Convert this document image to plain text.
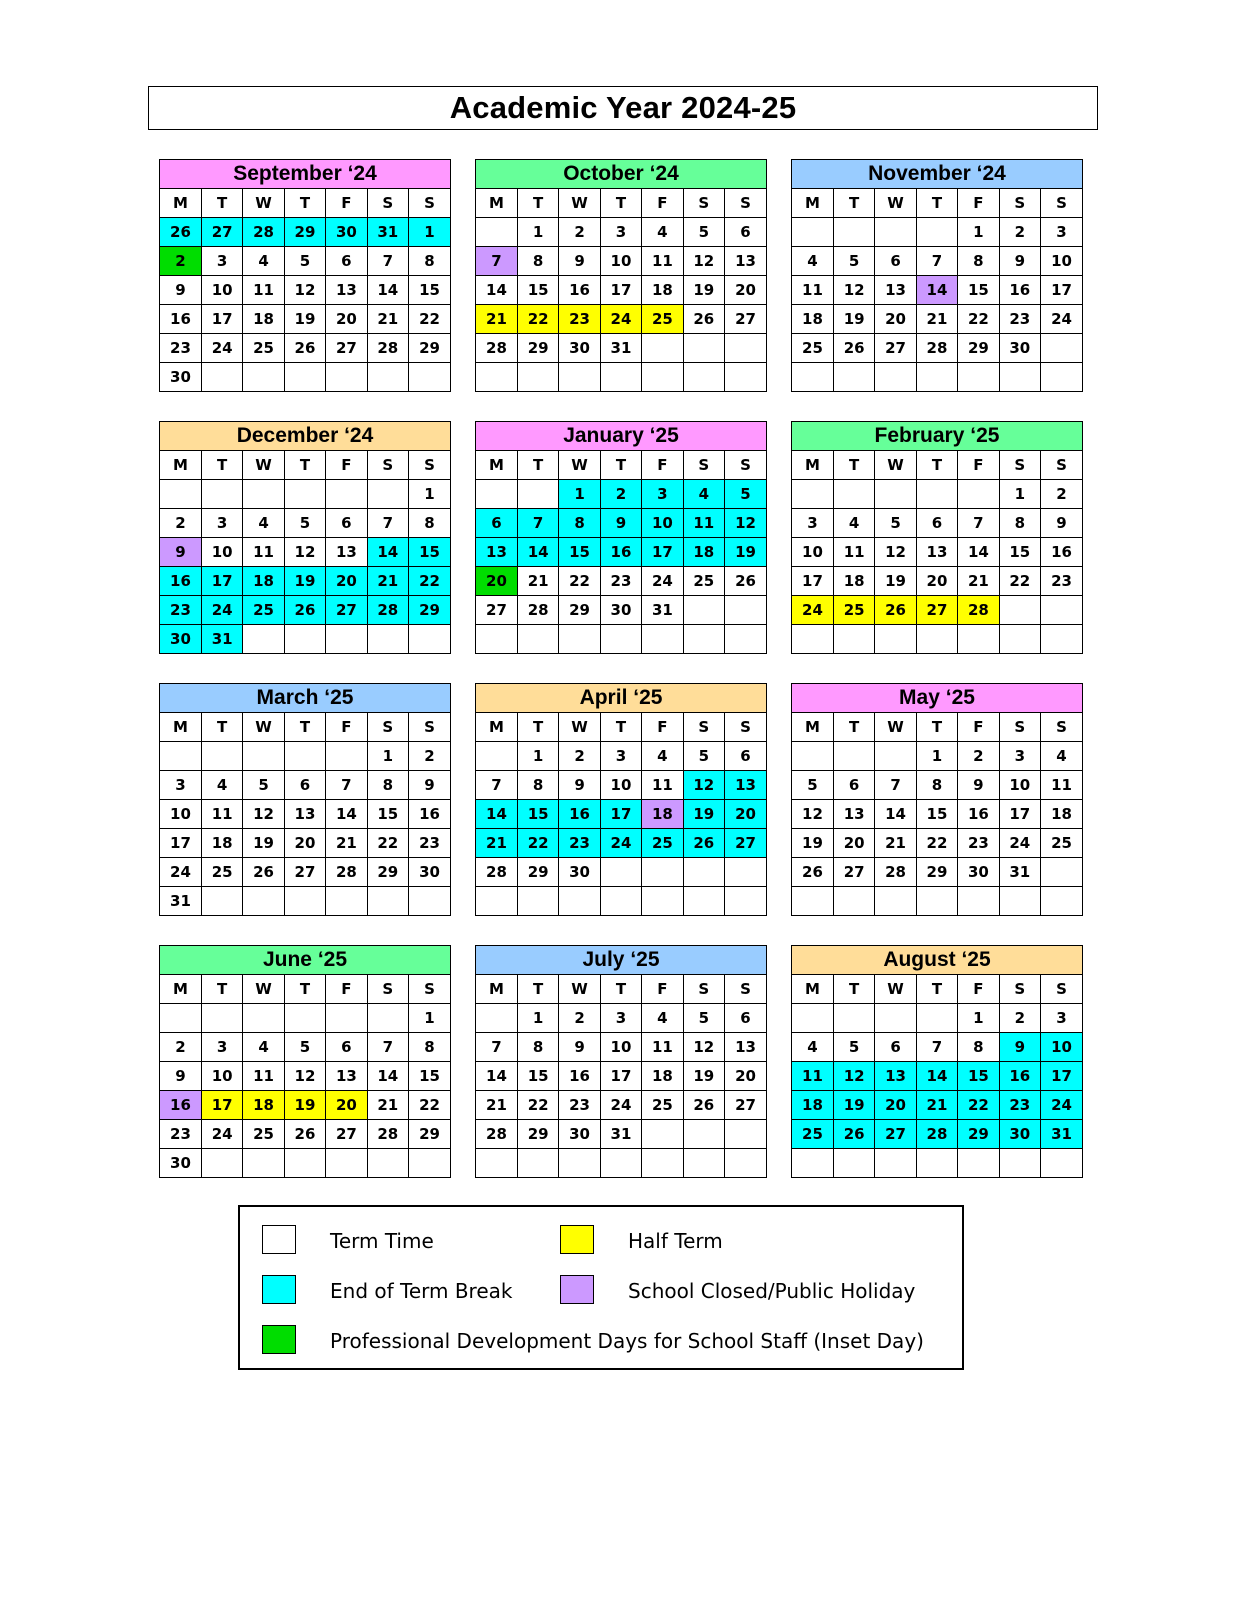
Academic Year 2024-25
September ‘24
M	T	W	T	F	S	S
26	27	28	29	30	31	1
2	3	4	5	6	7	8
9	10	11	12	13	14	15
16	17	18	19	20	21	22
23	24	25	26	27	28	29
30						
October ‘24
M	T	W	T	F	S	S
	1	2	3	4	5	6
7	8	9	10	11	12	13
14	15	16	17	18	19	20
21	22	23	24	25	26	27
28	29	30	31			

November ‘24
M	T	W	T	F	S	S
				1	2	3
4	5	6	7	8	9	10
11	12	13	14	15	16	17
18	19	20	21	22	23	24
25	26	27	28	29	30	

December ‘24
M	T	W	T	F	S	S
						1
2	3	4	5	6	7	8
9	10	11	12	13	14	15
16	17	18	19	20	21	22
23	24	25	26	27	28	29
30	31					
January ‘25
M	T	W	T	F	S	S
		1	2	3	4	5
6	7	8	9	10	11	12
13	14	15	16	17	18	19
20	21	22	23	24	25	26
27	28	29	30	31		

February ‘25
M	T	W	T	F	S	S
					1	2
3	4	5	6	7	8	9
10	11	12	13	14	15	16
17	18	19	20	21	22	23
24	25	26	27	28		

March ‘25
M	T	W	T	F	S	S
					1	2
3	4	5	6	7	8	9
10	11	12	13	14	15	16
17	18	19	20	21	22	23
24	25	26	27	28	29	30
31						
April ‘25
M	T	W	T	F	S	S
	1	2	3	4	5	6
7	8	9	10	11	12	13
14	15	16	17	18	19	20
21	22	23	24	25	26	27
28	29	30				

May ‘25
M	T	W	T	F	S	S
			1	2	3	4
5	6	7	8	9	10	11
12	13	14	15	16	17	18
19	20	21	22	23	24	25
26	27	28	29	30	31	

June ‘25
M	T	W	T	F	S	S
						1
2	3	4	5	6	7	8
9	10	11	12	13	14	15
16	17	18	19	20	21	22
23	24	25	26	27	28	29
30						
July ‘25
M	T	W	T	F	S	S
	1	2	3	4	5	6
7	8	9	10	11	12	13
14	15	16	17	18	19	20
21	22	23	24	25	26	27
28	29	30	31			

August ‘25
M	T	W	T	F	S	S
				1	2	3
4	5	6	7	8	9	10
11	12	13	14	15	16	17
18	19	20	21	22	23	24
25	26	27	28	29	30	31

Term Time	Half Term
End of Term Break	School Closed/Public Holiday
Professional Development Days for School Staff (Inset Day)
